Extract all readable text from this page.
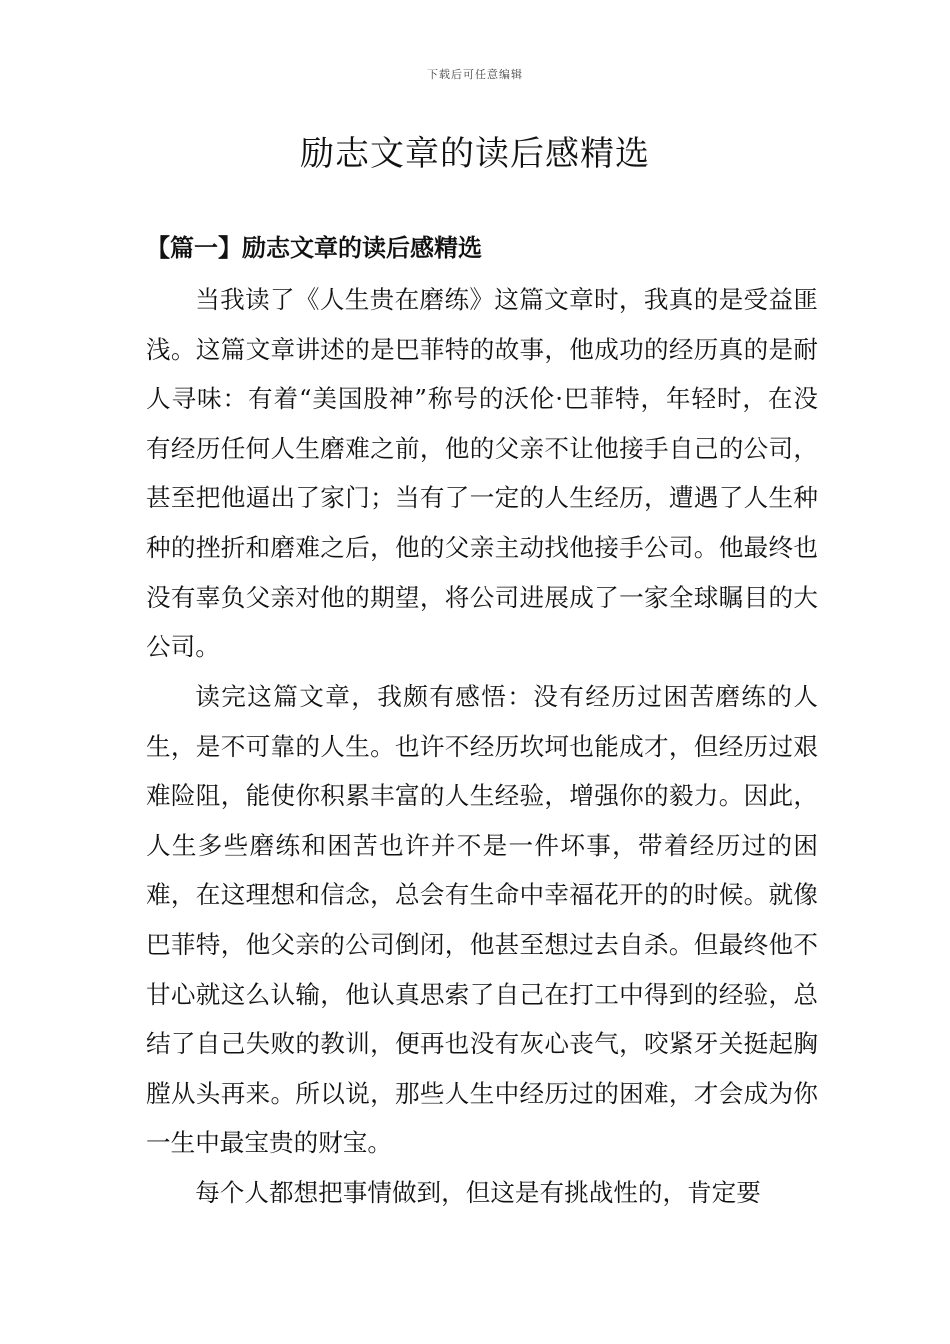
下载后可任意编辑
励志文章的读后感精选
【篇一】励志文章的读后感精选

当我读了《人生贵在磨练》这篇文章时，我真的是受益匪浅。这篇文章讲述的是巴菲特的故事，他成功的经历真的是耐人寻味：有着“美国股神”称号的沃伦·巴菲特，年轻时，在没有经历任何人生磨难之前，他的父亲不让他接手自己的公司，甚至把他逼出了家门；当有了一定的人生经历，遭遇了人生种种的挫折和磨难之后，他的父亲主动找他接手公司。他最终也没有辜负父亲对他的期望，将公司进展成了一家全球瞩目的大公司。

读完这篇文章，我颇有感悟：没有经历过困苦磨练的人生，是不可靠的人生。也许不经历坎坷也能成才，但经历过艰难险阻，能使你积累丰富的人生经验，增强你的毅力。因此，人生多些磨练和困苦也许并不是一件坏事，带着经历过的困难，在这理想和信念，总会有生命中幸福花开的的时候。就像巴菲特，他父亲的公司倒闭，他甚至想过去自杀。但最终他不甘心就这么认输，他认真思索了自己在打工中得到的经验，总结了自己失败的教训，便再也没有灰心丧气，咬紧牙关挺起胸膛从头再来。所以说，那些人生中经历过的困难，才会成为你一生中最宝贵的财宝。

每个人都想把事情做到，但这是有挑战性的，肯定要
